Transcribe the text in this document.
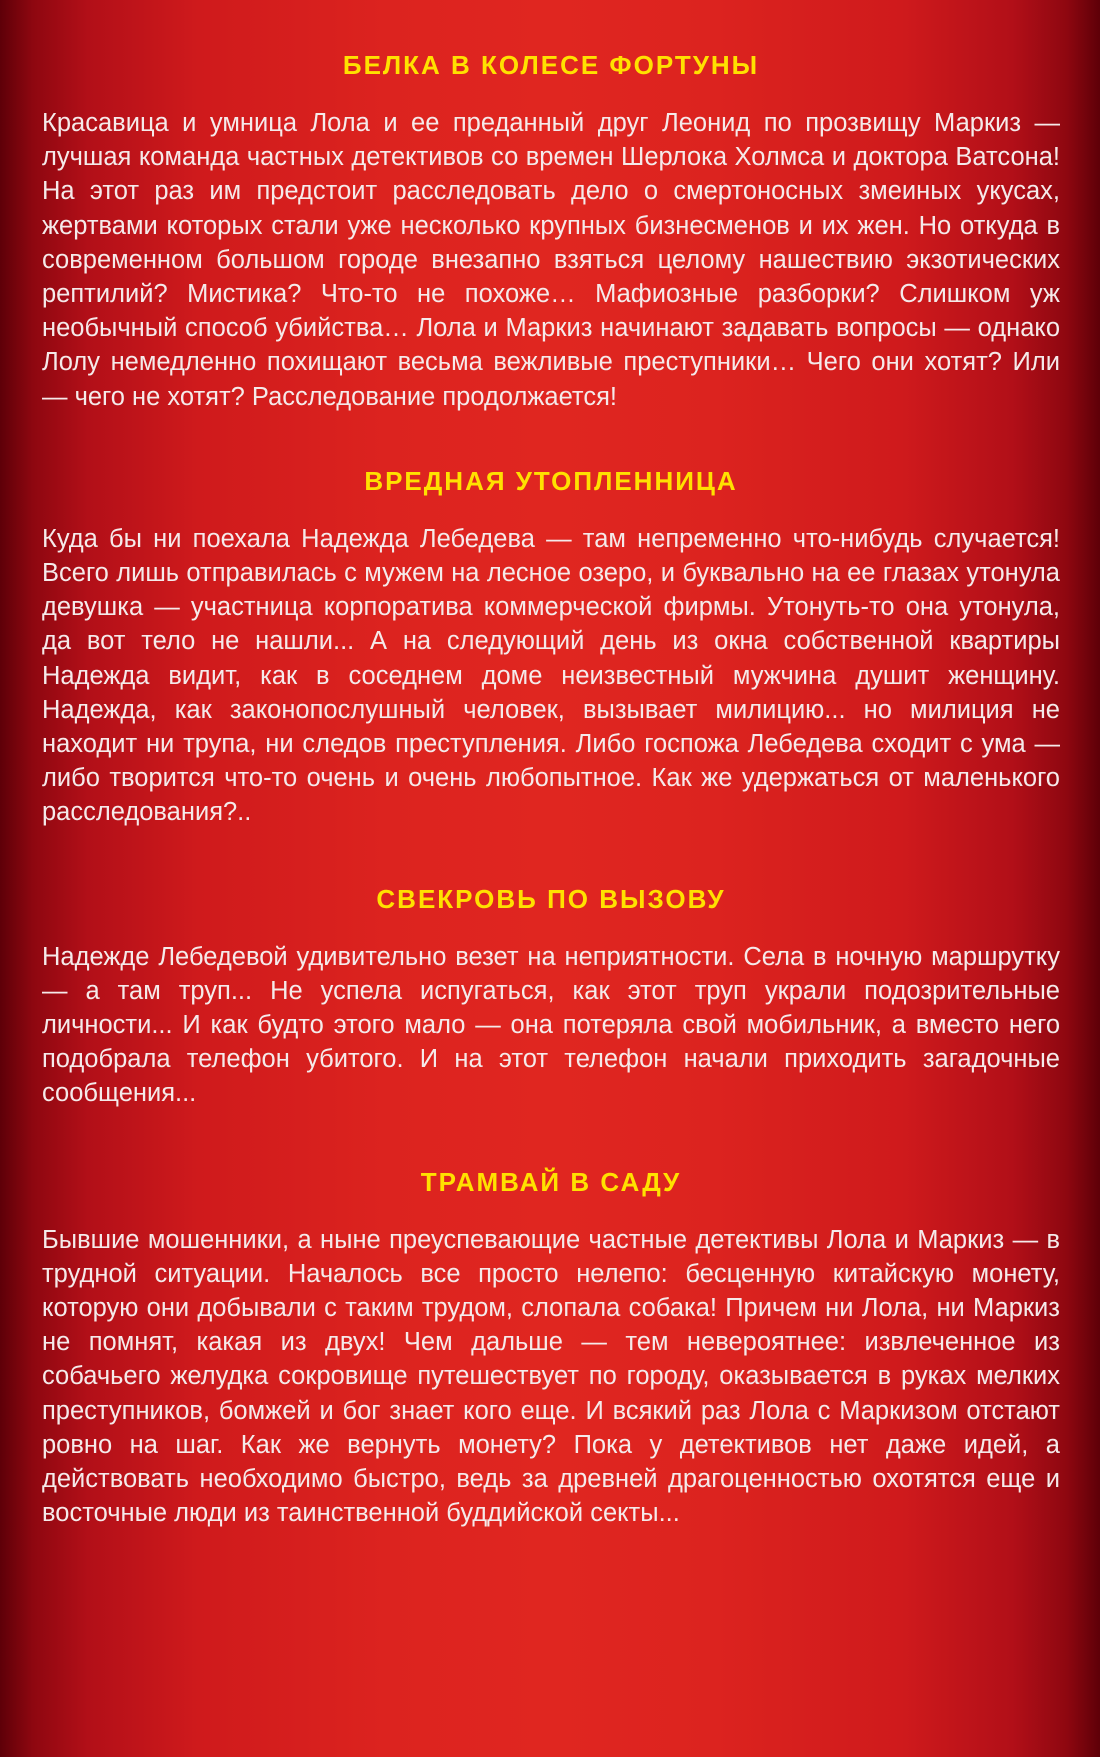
БЕЛКА В КОЛЕСЕ ФОРТУНЫ

Красавица и умница Лола и ее преданный друг Леонид по прозвищу Маркиз — лучшая команда частных детективов со времен Шерлока Холмса и доктора Ватсона! На этот раз им предстоит расследовать дело о смертоносных змеиных укусах, жертвами которых стали уже несколько крупных бизнесменов и их жен. Но откуда в современном большом городе внезапно взяться целому нашествию экзотических рептилий? Мистика? Что-то не похоже… Мафиозные разборки? Слишком уж необычный способ убийства… Лола и Маркиз начинают задавать вопросы — однако Лолу немедленно похищают весьма вежливые преступники… Чего они хотят? Или — чего не хотят? Расследование продолжается!

ВРЕДНАЯ УТОПЛЕННИЦА

Куда бы ни поехала Надежда Лебедева — там непременно что-нибудь случается! Всего лишь отправилась с мужем на лесное озеро, и буквально на ее глазах утонула девушка — участница корпоратива коммерческой фирмы. Утонуть-то она утонула, да вот тело не нашли... А на следующий день из окна собственной квартиры Надежда видит, как в соседнем доме неизвестный мужчина душит женщину. Надежда, как законопослушный человек, вызывает милицию... но милиция не находит ни трупа, ни следов преступления. Либо госпожа Лебедева сходит с ума — либо творится что-то очень и очень любопытное. Как же удержаться от маленького расследования?..

СВЕКРОВЬ ПО ВЫЗОВУ

Надежде Лебедевой удивительно везет на неприятности. Села в ночную маршрутку — а там труп... Не успела испугаться, как этот труп украли подозрительные личности... И как будто этого мало — она потеряла свой мобильник, а вместо него подобрала телефон убитого. И на этот телефон начали приходить загадочные сообщения...

ТРАМВАЙ В САДУ

Бывшие мошенники, а ныне преуспевающие частные детективы Лола и Маркиз — в трудной ситуации. Началось все просто нелепо: бесценную китайскую монету, которую они добывали с таким трудом, слопала собака! Причем ни Лола, ни Маркиз не помнят, какая из двух! Чем дальше — тем невероятнее: извлеченное из собачьего желудка сокровище путешествует по городу, оказывается в руках мелких преступников, бомжей и бог знает кого еще. И всякий раз Лола с Маркизом отстают ровно на шаг. Как же вернуть монету? Пока у детективов нет даже идей, а действовать необходимо быстро, ведь за древней драгоценностью охотятся еще и восточные люди из таинственной буддийской секты...
